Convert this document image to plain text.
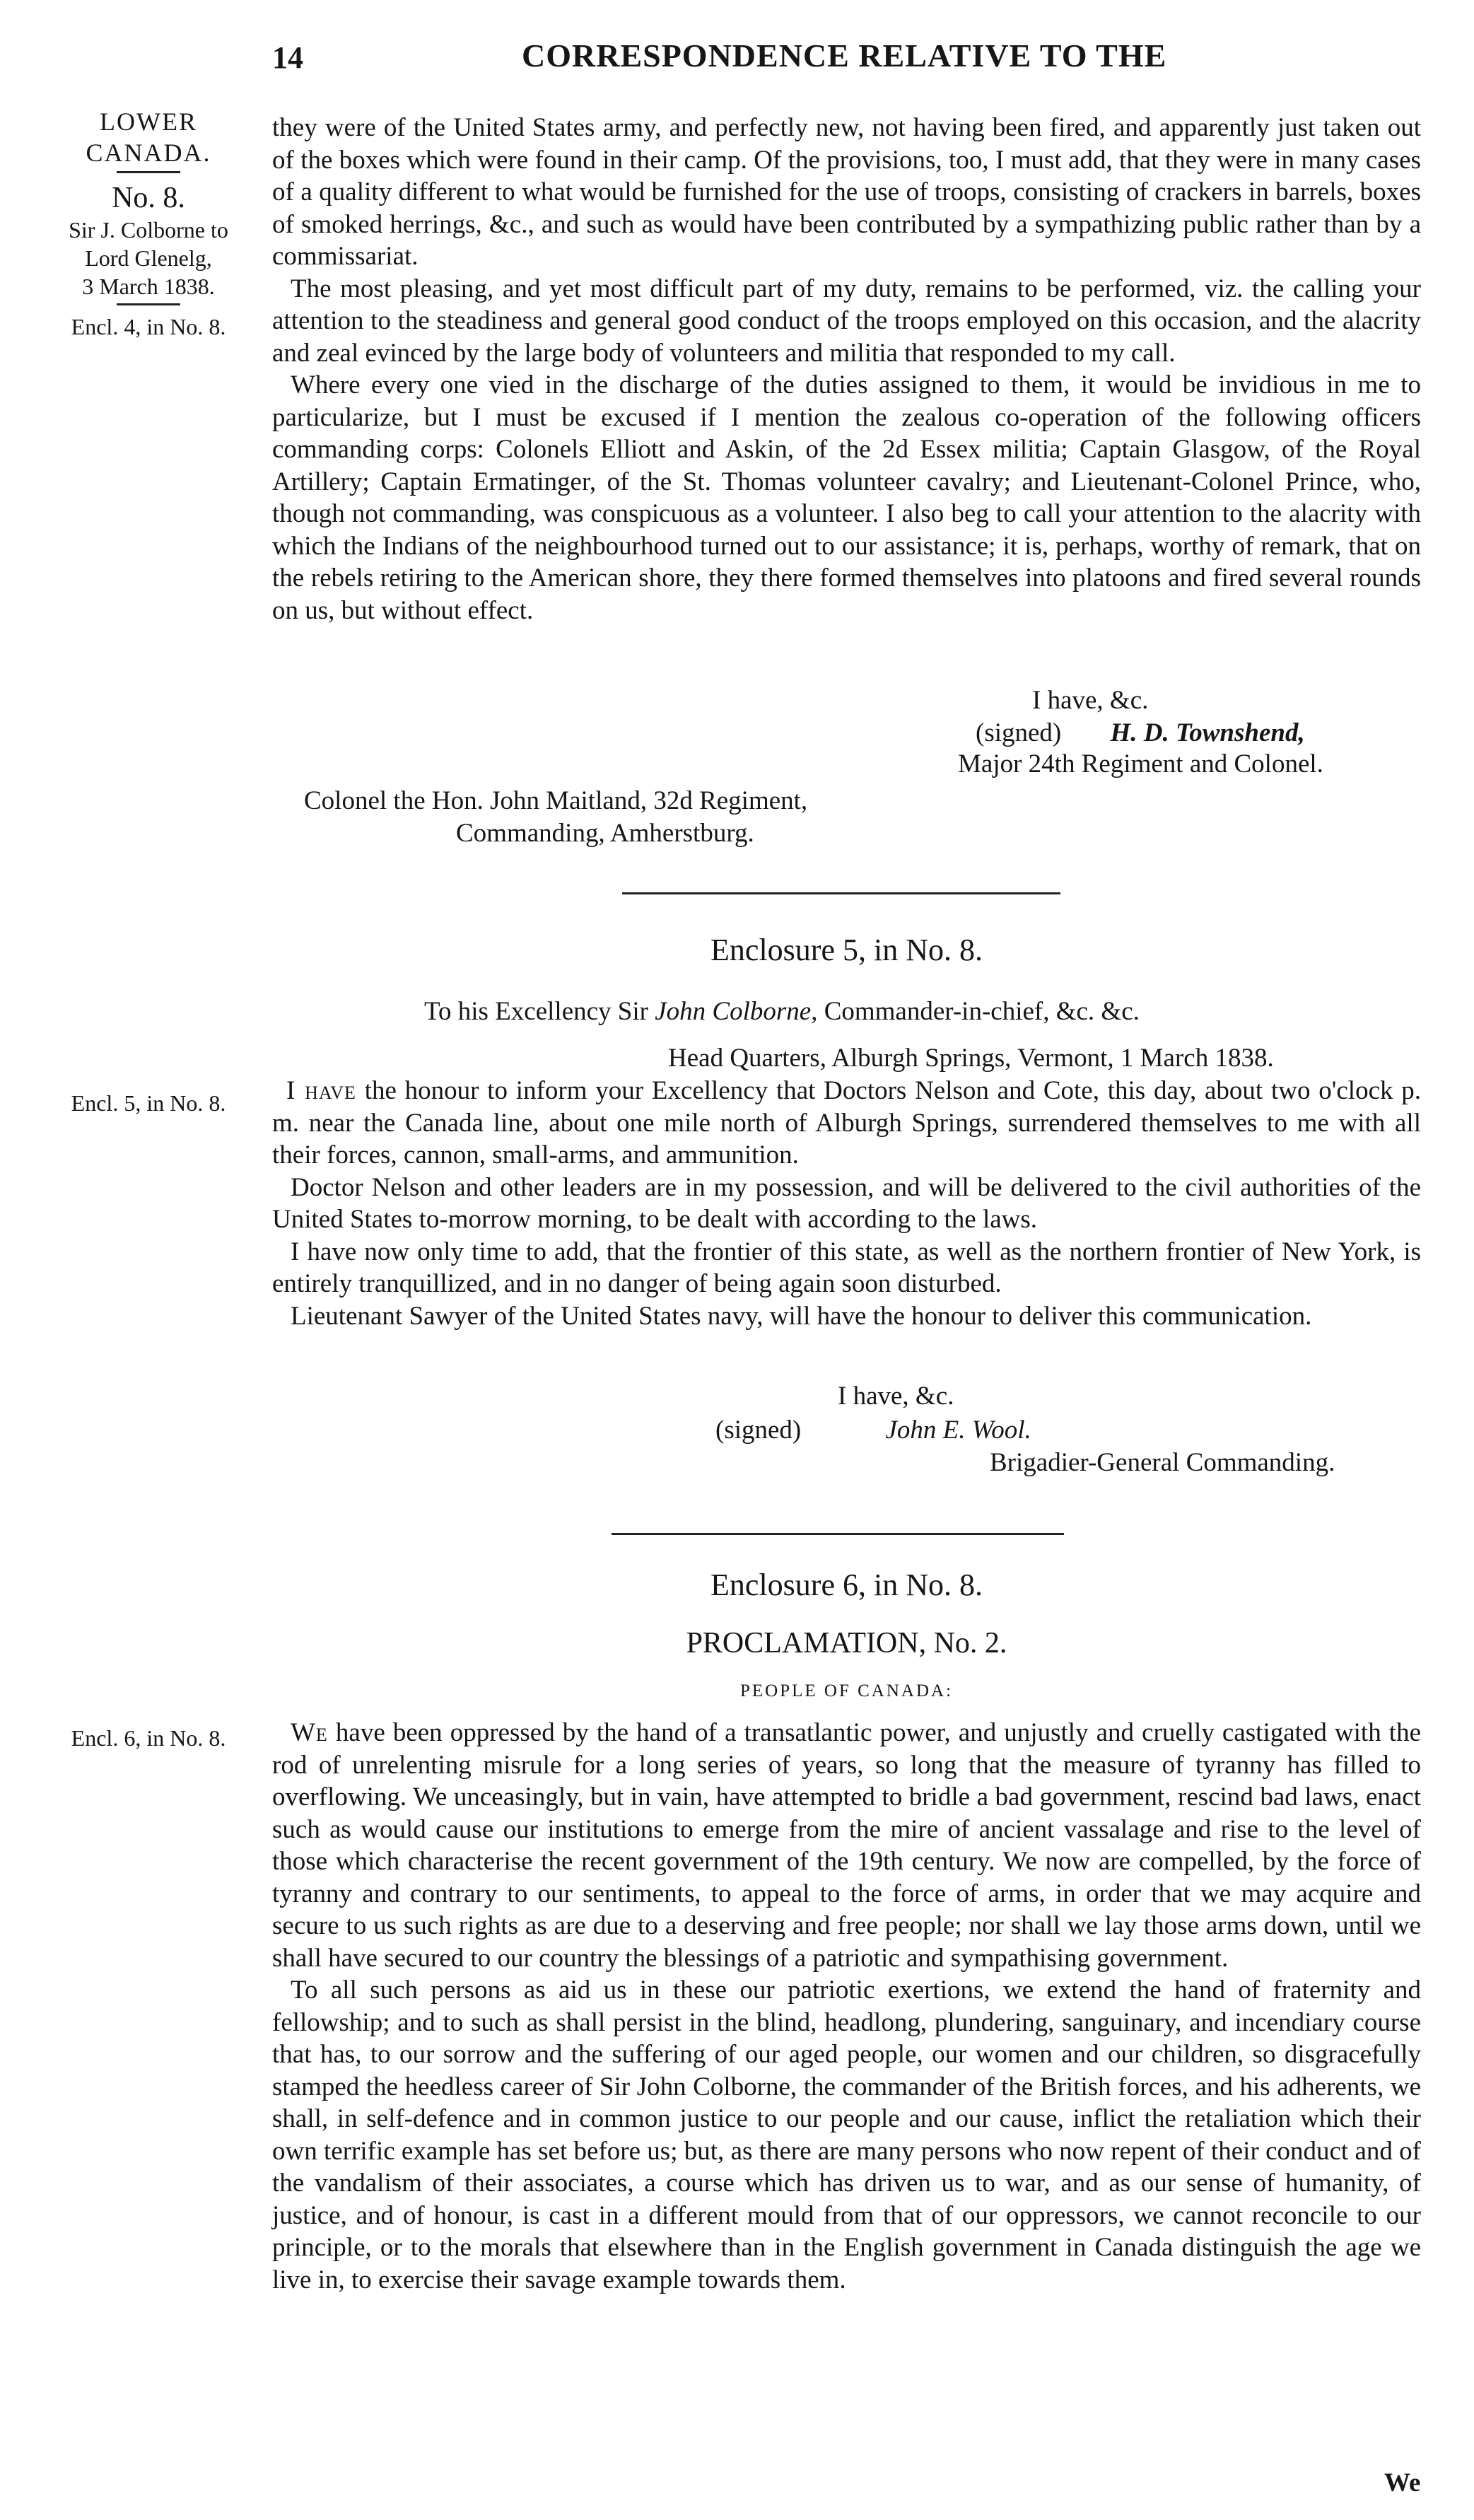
14	CORRESPONDENCE RELATIVE TO THE
LOWER
CANADA.
No. 8.
Sir J. Colborne to
Lord Glenelg,
3 March 1838.
Encl. 4, in No. 8.
Encl. 5, in No. 8.
Encl. 6, in No. 8.

they were of the United States army, and perfectly new, not having been fired, and apparently just taken out of the boxes which were found in their camp. Of the provisions, too, I must add, that they were in many cases of a quality different to what would be furnished for the use of troops, consisting of crackers in barrels, boxes of smoked herrings, &c., and such as would have been contributed by a sympathizing public rather than by a commissariat.

The most pleasing, and yet most difficult part of my duty, remains to be performed, viz. the calling your attention to the steadiness and general good conduct of the troops employed on this occasion, and the alacrity and zeal evinced by the large body of volunteers and militia that responded to my call.

Where every one vied in the discharge of the duties assigned to them, it would be invidious in me to particularize, but I must be excused if I mention the zealous co-operation of the following officers commanding corps: Colonels Elliott and Askin, of the 2d Essex militia; Captain Glasgow, of the Royal Artillery; Captain Ermatinger, of the St. Thomas volunteer cavalry; and Lieutenant-Colonel Prince, who, though not commanding, was conspicuous as a volunteer. I also beg to call your attention to the alacrity with which the Indians of the neighbourhood turned out to our assistance; it is, perhaps, worthy of remark, that on the rebels retiring to the American shore, they there formed themselves into platoons and fired several rounds on us, but without effect.

I have, &c.
(signed) H. D. Townshend,
Major 24th Regiment and Colonel.
Colonel the Hon. John Maitland, 32d Regiment,
Commanding, Amherstburg.
Enclosure 5, in No. 8.
To his Excellency Sir John Colborne, Commander-in-chief, &c. &c.
Head Quarters, Alburgh Springs, Vermont, 1 March 1838.

I have the honour to inform your Excellency that Doctors Nelson and Cote, this day, about two o'clock p. m. near the Canada line, about one mile north of Alburgh Springs, surrendered themselves to me with all their forces, cannon, small-arms, and ammunition.

Doctor Nelson and other leaders are in my possession, and will be delivered to the civil authorities of the United States to-morrow morning, to be dealt with according to the laws.

I have now only time to add, that the frontier of this state, as well as the northern frontier of New York, is entirely tranquillized, and in no danger of being again soon disturbed.

Lieutenant Sawyer of the United States navy, will have the honour to deliver this communication.

I have, &c.
(signed)	John E. Wool.
Brigadier-General Commanding.
Enclosure 6, in No. 8.
PROCLAMATION, No. 2.
PEOPLE OF CANADA:

We have been oppressed by the hand of a transatlantic power, and unjustly and cruelly castigated with the rod of unrelenting misrule for a long series of years, so long that the measure of tyranny has filled to overflowing. We unceasingly, but in vain, have attempted to bridle a bad government, rescind bad laws, enact such as would cause our institutions to emerge from the mire of ancient vassalage and rise to the level of those which characterise the recent government of the 19th century. We now are compelled, by the force of tyranny and contrary to our sentiments, to appeal to the force of arms, in order that we may acquire and secure to us such rights as are due to a deserving and free people; nor shall we lay those arms down, until we shall have secured to our country the blessings of a patriotic and sympathising government.

To all such persons as aid us in these our patriotic exertions, we extend the hand of fraternity and fellowship; and to such as shall persist in the blind, headlong, plundering, sanguinary, and incendiary course that has, to our sorrow and the suffering of our aged people, our women and our children, so disgracefully stamped the heedless career of Sir John Colborne, the commander of the British forces, and his adherents, we shall, in self-defence and in common justice to our people and our cause, inflict the retaliation which their own terrific example has set before us; but, as there are many persons who now repent of their conduct and of the vandalism of their associates, a course which has driven us to war, and as our sense of humanity, of justice, and of honour, is cast in a different mould from that of our oppressors, we cannot reconcile to our principle, or to the morals that elsewhere than in the English government in Canada distinguish the age we live in, to exercise their savage example towards them.

We
